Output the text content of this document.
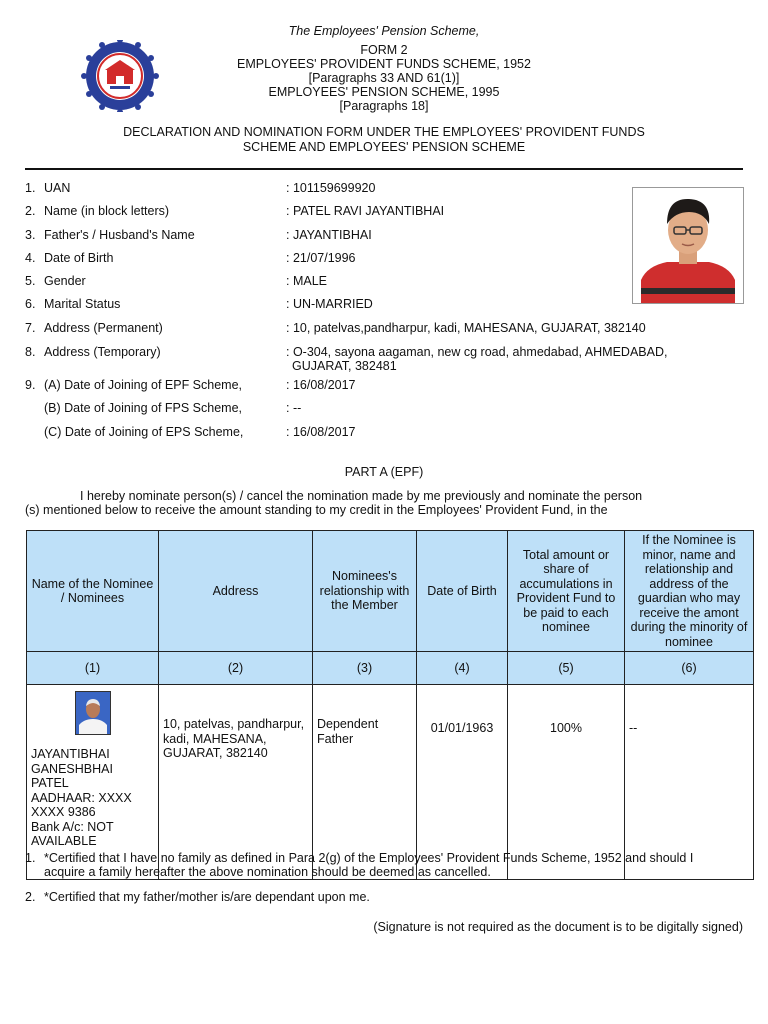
The Employees' Pension Scheme,
FORM 2
EMPLOYEES' PROVIDENT FUNDS SCHEME, 1952
[Paragraphs 33 AND 61(1)]
EMPLOYEES' PENSION SCHEME, 1995
[Paragraphs 18]
DECLARATION AND NOMINATION FORM UNDER THE EMPLOYEES' PROVIDENT FUNDS
SCHEME AND EMPLOYEES' PENSION SCHEME
1. UAN	: 101159699920
2. Name (in block letters)	: PATEL RAVI JAYANTIBHAI
3. Father's / Husband's Name	: JAYANTIBHAI
4. Date of Birth	: 21/07/1996
5. Gender	: MALE
6. Marital Status	: UN-MARRIED
7. Address (Permanent)	: 10, patelvas,pandharpur, kadi, MAHESANA, GUJARAT, 382140
8. Address (Temporary)	: O-304, sayona aagaman, new cg road, ahmedabad, AHMEDABAD,
GUJARAT, 382481
9. (A) Date of Joining of EPF Scheme,	: 16/08/2017
(B) Date of Joining of FPS Scheme,	: --
(C) Date of Joining of EPS Scheme,	: 16/08/2017
PART A (EPF)
I hereby nominate person(s) / cancel the nomination made by me previously and nominate the person
(s) mentioned below to receive the amount standing to my credit in the Employees' Provident Fund, in the
Name of the Nominee / Nominees	Address	Nominees's relationship with the Member	Date of Birth	Total amount or share of accumulations in Provident Fund to be paid to each nominee	If the Nominee is minor, name and relationship and address of the guardian who may receive the amont during the minority of nominee
(1)	(2)	(3)	(4)	(5)	(6)

JAYANTIBHAI GANESHBHAI PATEL
AADHAAR: XXXX XXXX 9386
Bank A/c: NOT AVAILABLE	10, patelvas, pandharpur, kadi, MAHESANA, GUJARAT, 382140	Dependent Father	01/01/1963	100%	--
1. *Certified that I have no family as defined in Para 2(g) of the Employees' Provident Funds Scheme, 1952 and should I
acquire a family hereafter the above nomination should be deemed as cancelled.
2. *Certified that my father/mother is/are dependant upon me.
(Signature is not required as the document is to be digitally signed)
